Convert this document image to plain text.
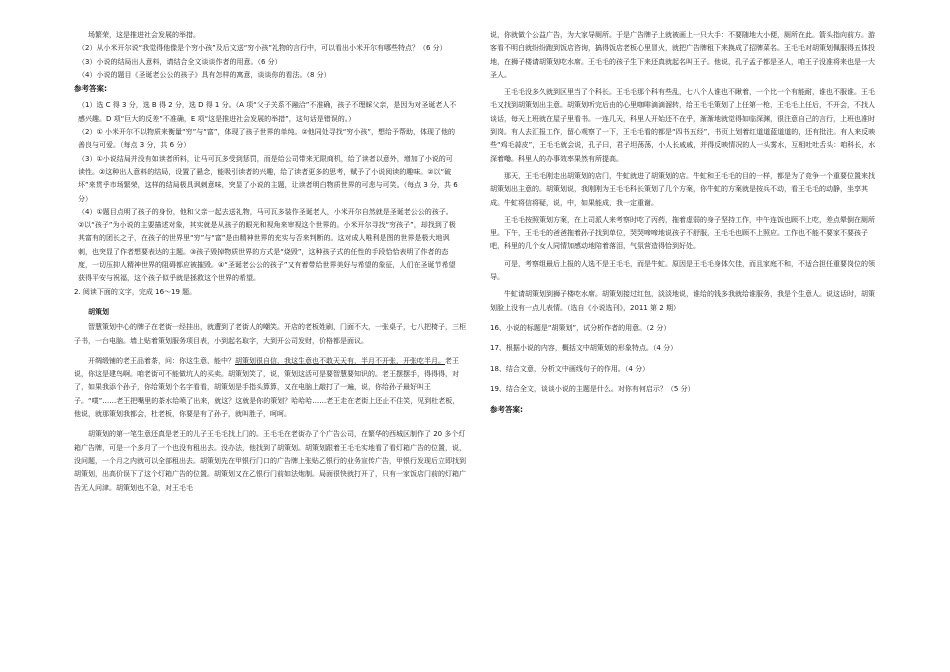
场繁荣，这是推进社会发展的举措。

（2）从小米开尔说“我觉得他像是个穷小孩”及后文送“穷小孩”礼物的言行中，可以看出小米开尔有哪些特点？（6 分）

（3）小说的结局出人意料，请结合全文谈谈作者的用意。（6 分）

（4）小说的题目《圣诞老公公的孩子》具有怎样的寓意，谈谈你的看法。（8 分）

参考答案:

（1）选 C 得 3 分，选 B 得 2 分，选 D 得 1 分。（A 项“父子关系不融洽”不准确，孩子不理睬父亲，是因为对圣诞老人不感兴趣。D 项“巨大的反差”不准确，E 项“这是推进社会发展的举措”，这句话是错误的。）

（2）① 小米开尔不以物质来衡量“穷”与“富”，体现了孩子世界的单纯。②他同处寻找“穷小孩”，想给予帮助，体现了他的善良与可爱。（每点 3 分，共 6 分）

（3）①小说结局并没有如读者所料，让马可瓦多受到惩罚，而是给公司带来无限商机，给了读者以意外，增加了小说的可读性。②这种出人意料的结局，设置了悬念，能吸引读者的兴趣，给了读者更多的思考，赋予了小说阅读的趣味。②以“破坏”来贯乎市场繁荣，这样的结局极具讽刺意味，突显了小说的主题，让读者明白物质世界的可悲与可笑。（每点 3 分，共 6 分）

（4）①题目点明了孩子的身份，他和父亲一起去送礼物，马可瓦多装作圣诞老人，小米开尔自然就是圣诞老公公的孩子。②以“孩子”为小说的主要描述对象，其实就是从孩子的眼光和视角来审视这个世界的。小米开尔寻找“穷孩子”，却找到了极其富有的团长之子，在孩子的世界里“穷”与“富”是由精神世界的充实与否来判断的。这对成人唯利是图的世界是极大地讽刺，也突显了作者想要表达的主题。③孩子毁掉物质世界的方式是“烧毁”，这种孩子式的任性的手段恰恰表明了作者的态度，一切压抑人精神世界的阻碍都应被摧毁。④“圣诞老公公的孩子”又有着带给世界美好与希望的象征，人们在圣诞节希望获得平安与祝福，这个孩子似乎就是拯救这个世界的希望。

2. 阅读下面的文字，完成 16～19 题。

胡策划

智慧策划中心的牌子在老街一经挂出，就遭到了老街人的嘲笑。开店的老板姓刷，门面不大，一张桌子，七八把椅子，三柜子书，一台电脑。墙上贴着策划服务项目表，小到起名取字，大到开公司发财，价格都是面议。

开绸缎铺的老王品着茶，问：你这生意，能中？胡策划很自信，我这生意也不敢天天有，半月不开张，开张吃半月。老王说，你这是建鸟啊。咱老街可不能做坑人的买卖。胡策划笑了，说，策划这活可是要智慧要知识的。老王摆摆手，得得得，对了，如果我添个孙子，你给策划个名字看看，胡策划是手指头算算，又在电脑上敲打了一遍，说，你给孙子最好叫王子。“噗”……老王把嘴里的茶水给喷了出来，就这？这就是你的策划？哈哈哈……老王走在老街上还止不住笑，见到杜老板，他说，就那策划我都会，杜老板，你要是有了孙子，就叫胜子，呵呵。

胡策划的第一笔生意还真是老王的儿子王毛毛找上门的。王毛毛在老街办了个广告公司，在繁华的西城区制作了 20 多个灯箱广告牌，可是一个多月了一个也没有租出去。没办法，他找到了胡策划。胡策划跟着王毛毛实地看了看灯箱广告的位置，说，没问题，一个月之内就可以全部租出去。胡策划先在甲银行门口的广告牌上张贴乙银行的业务宣传广告，甲银行发现后立即找到胡策划，出高价误下了这个灯箱广告的位置。胡策划又在乙银行门前如法炮制。局面很快就打开了，只有一家饭店门前的灯箱广告无人问津。胡策划也不急，对王毛毛

说，你就做个公益广告，为大家导厕所。于是广告牌子上就被画上一只大手：不要随地大小便，厕所在此。箭头指向前方。游客看不明白就纷纷跑到饭店咨询，搞得饭店老板心里冒火，就把广告牌租下来换成了招牌菜名。王毛毛对胡策划佩服得五体投地，在狮子楼请胡策划吃水席。王毛毛的孩子生下来还真就起名叫王子。他说，孔子孟子都是圣人，咱王子没准将来也是一大圣人。

王毛毛没多久就到区里当了个科长。王毛毛那个科有些乱，七八个人谁也不瞅着，一个比一个有能耐，谁也不服谁。王毛毛又找到胡策划出主意。胡策划听完后由的心里咖啡滴滴溜转，给王毛毛策划了上任第一枪，王毛毛上任后，不开会，不找人谈话，每天上班就在屋子里看书。一连几天，科里人开始还不在乎，渐渐地就觉得如临深渊，很注意自己的言行，上班也准时到岗。有人去汇报工作，留心观察了一下，王毛毛看的都是“四书五经”，书页上划着红道道蓝道道的，还有批注。有人来反映些“鸡毛蒜皮”，王毛毛就会说，孔子曰，君子坦荡荡，小人长戚戚，并得反映情况的人一头雾水，互相吐吐舌头：咱科长，水深着嘞。科里人的办事效率果然有所提高。

那天，王毛毛刚走出胡策划的店门，牛虻就进了胡策划的店。牛虻和王毛毛的目的一样，都是为了竞争一个重要位置来找胡策划出主意的。胡策划说，我刚刚为王毛毛科长策划了几个方案，你牛虻的方案就是按兵不动，看王毛毛的动静，坐享其成。牛虻将信将疑，说，中，如果能成，我一定重谢。

王毛毛按照策划方案，在上司派人来考察时吃了丙药，拖着虚弱的身子坚持工作，中午连饭也顾不上吃，差点晕倒在厕所里。下午，王毛毛的爸爸拖着孙子找到单位，哭哭啼啼地说孩子不舒服，王毛毛也顾不上照应。工作也不能不要家不要孩子吧，科里的几个女人同情加感动地陪着落泪，气氛营造得恰到好处。

可是，考察组最后上报的人选不是王毛毛，而是牛虻。原因是王毛毛身体欠佳，而且家庭不和，不适合担任重要岗位的领导。

牛虻请胡策划到狮子楼吃水席。胡策划接过红包，淡淡地说，谁给的钱多我就给谁服务，我是个生意人。说这话时，胡策划脸上没有一点儿表情。（选自《小说选刊》，2011 第 2 期）

16、小说的标题是“胡策划”，试分析作者的用意。（2 分）

17、根据小说的内容，概括文中胡策划的形象特点。（4 分）

18、结合文意，分析文中画线句子的作用。（4 分）

19、结合全文，谈谈小说的主题是什么。对你有何启示？（5 分）

参考答案:
